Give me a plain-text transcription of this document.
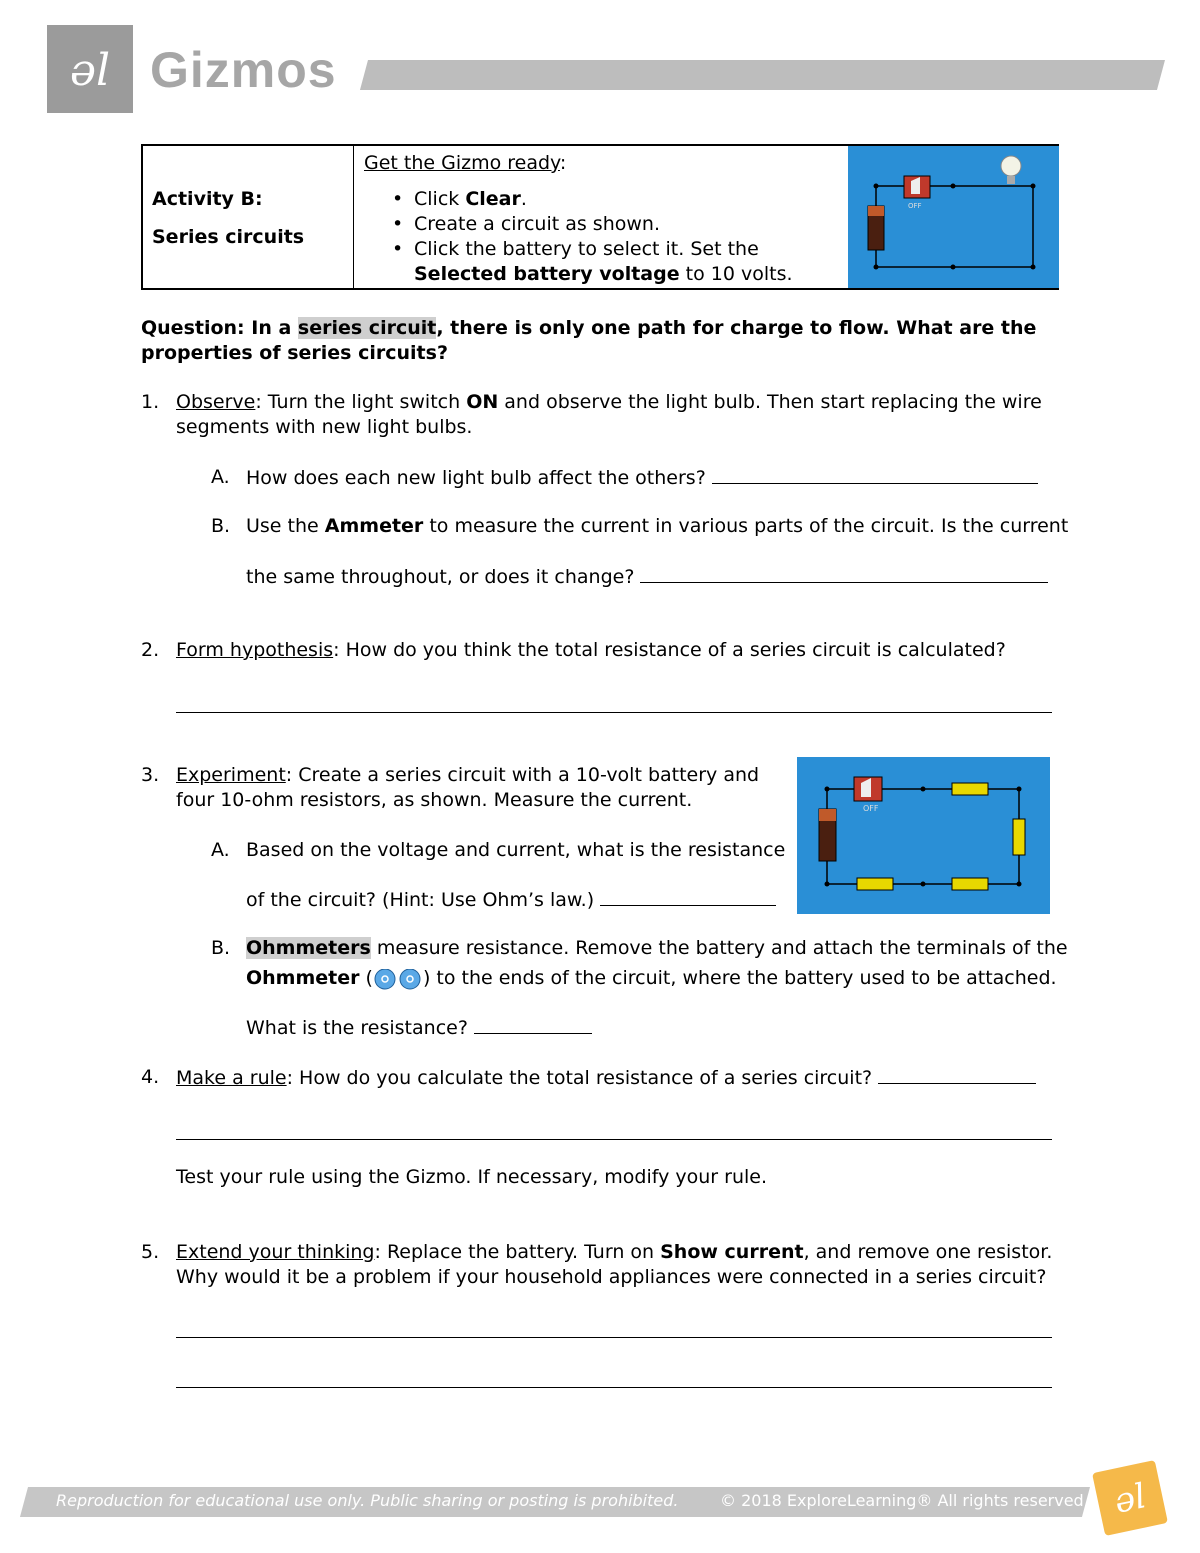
əl Gizmos
Activity B:
Series circuits
Get the Gizmo ready:
• Click Clear.
• Create a circuit as shown.
• Click the battery to select it. Set the
Selected battery voltage to 10 volts.
OFF
Question: In a series circuit, there is only one path for charge to flow. What are the
properties of series circuits?
1. Observe: Turn the light switch ON and observe the light bulb. Then start replacing the wire
segments with new light bulbs.
A. How does each new light bulb affect the others?
B. Use the Ammeter to measure the current in various parts of the circuit. Is the current
the same throughout, or does it change?
2. Form hypothesis: How do you think the total resistance of a series circuit is calculated?
3. Experiment: Create a series circuit with a 10-volt battery and
four 10-ohm resistors, as shown. Measure the current.	OFF
A. Based on the voltage and current, what is the resistance
of the circuit? (Hint: Use Ohm’s law.)
B. Ohmmeters measure resistance. Remove the battery and attach the terminals of the
Ohmmeter (	) to the ends of the circuit, where the battery used to be attached.
What is the resistance?
4. Make a rule: How do you calculate the total resistance of a series circuit?
Test your rule using the Gizmo. If necessary, modify your rule.
5. Extend your thinking: Replace the battery. Turn on Show current, and remove one resistor.
Why would it be a problem if your household appliances were connected in a series circuit?
Reproduction for educational use only. Public sharing or posting is prohibited.	© 2018 ExploreLearning® All rights reserved əl
